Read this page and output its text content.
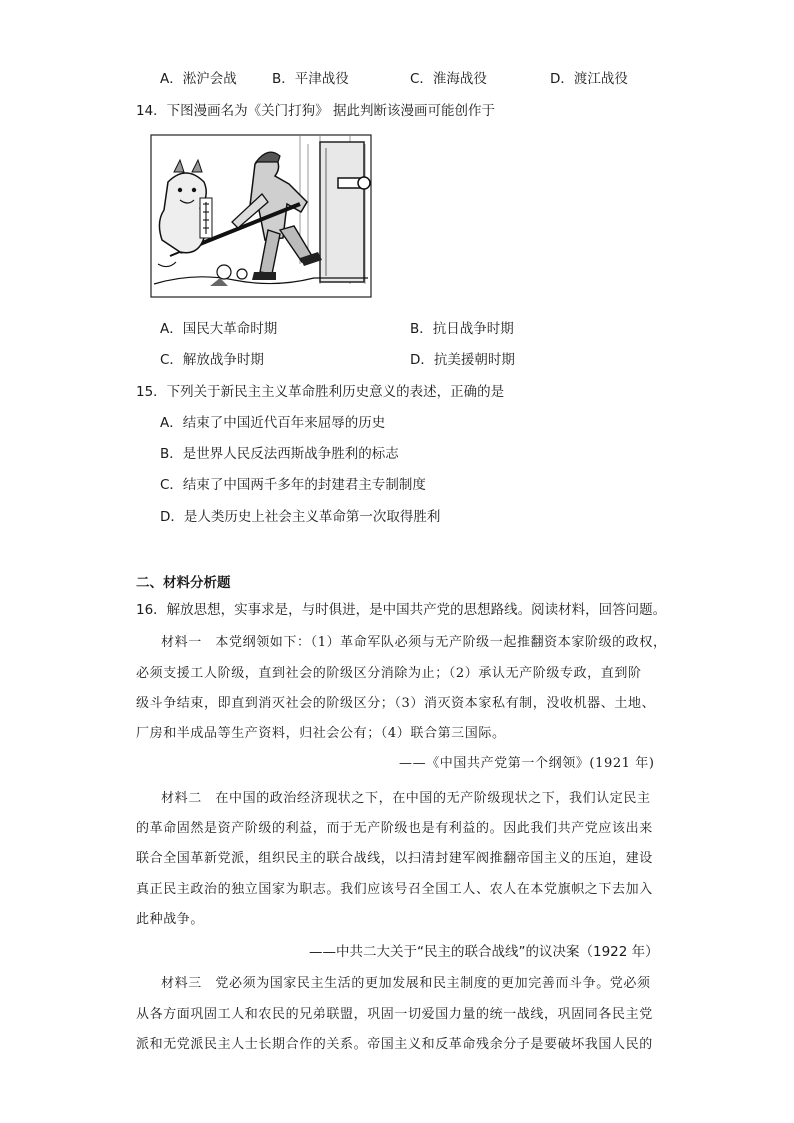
A．淞沪会战	B．平津战役	C．淮海战役	D．渡江战役
14．下图漫画名为《关门打狗》 据此判断该漫画可能创作于
A．国民大革命时期	B．抗日战争时期
C．解放战争时期	D．抗美援朝时期
15．下列关于新民主主义革命胜利历史意义的表述，正确的是
A．结束了中国近代百年来屈辱的历史
B．是世界人民反法西斯战争胜利的标志
C．结束了中国两千多年的封建君主专制制度
D．是人类历史上社会主义革命第一次取得胜利
二、材料分析题
16．解放思想，实事求是，与时俱进，是中国共产党的思想路线。阅读材料，回答问题。
材料一　本党纲领如下：（1）革命军队必须与无产阶级一起推翻资本家阶级的政权，
必须支援工人阶级，直到社会的阶级区分消除为止；（2）承认无产阶级专政，直到阶
级斗争结束，即直到消灭社会的阶级区分；（3）消灭资本家私有制，没收机器、土地、
厂房和半成品等生产资料，归社会公有；（4）联合第三国际。
——《中国共产党第一个纲领》(1921 年)
材料二　在中国的政治经济现状之下，在中国的无产阶级现状之下，我们认定民主
的革命固然是资产阶级的利益，而于无产阶级也是有利益的。因此我们共产党应该出来
联合全国革新党派，组织民主的联合战线，以扫清封建军阀推翻帝国主义的压迫，建设
真正民主政治的独立国家为职志。我们应该号召全国工人、农人在本党旗帜之下去加入
此种战争。
——中共二大关于“民主的联合战线”的议决案（1922 年）
材料三　党必须为国家民主生活的更加发展和民主制度的更加完善而斗争。党必须
从各方面巩固工人和农民的兄弟联盟，巩固一切爱国力量的统一战线，巩固同各民主党
派和无党派民主人士长期合作的关系。帝国主义和反革命残余分子是要破坏我国人民的
